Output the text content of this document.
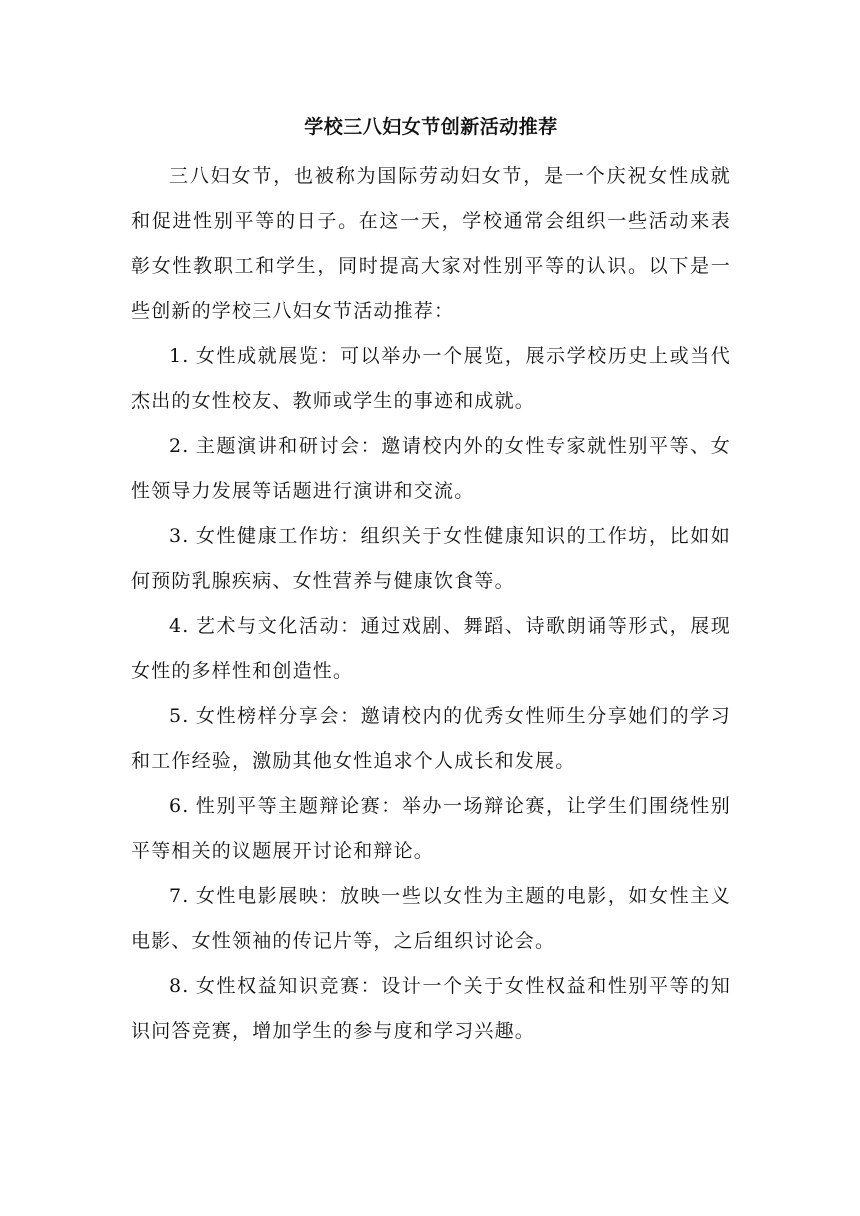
学校三八妇女节创新活动推荐

三八妇女节，也被称为国际劳动妇女节，是一个庆祝女性成就和促进性别平等的日子。在这一天，学校通常会组织一些活动来表彰女性教职工和学生，同时提高大家对性别平等的认识。以下是一些创新的学校三八妇女节活动推荐：

1. 女性成就展览：可以举办一个展览，展示学校历史上或当代杰出的女性校友、教师或学生的事迹和成就。

2. 主题演讲和研讨会：邀请校内外的女性专家就性别平等、女性领导力发展等话题进行演讲和交流。

3. 女性健康工作坊：组织关于女性健康知识的工作坊，比如如何预防乳腺疾病、女性营养与健康饮食等。

4. 艺术与文化活动：通过戏剧、舞蹈、诗歌朗诵等形式，展现女性的多样性和创造性。

5. 女性榜样分享会：邀请校内的优秀女性师生分享她们的学习和工作经验，激励其他女性追求个人成长和发展。

6. 性别平等主题辩论赛：举办一场辩论赛，让学生们围绕性别平等相关的议题展开讨论和辩论。

7. 女性电影展映：放映一些以女性为主题的电影，如女性主义电影、女性领袖的传记片等，之后组织讨论会。

8. 女性权益知识竞赛：设计一个关于女性权益和性别平等的知识问答竞赛，增加学生的参与度和学习兴趣。
